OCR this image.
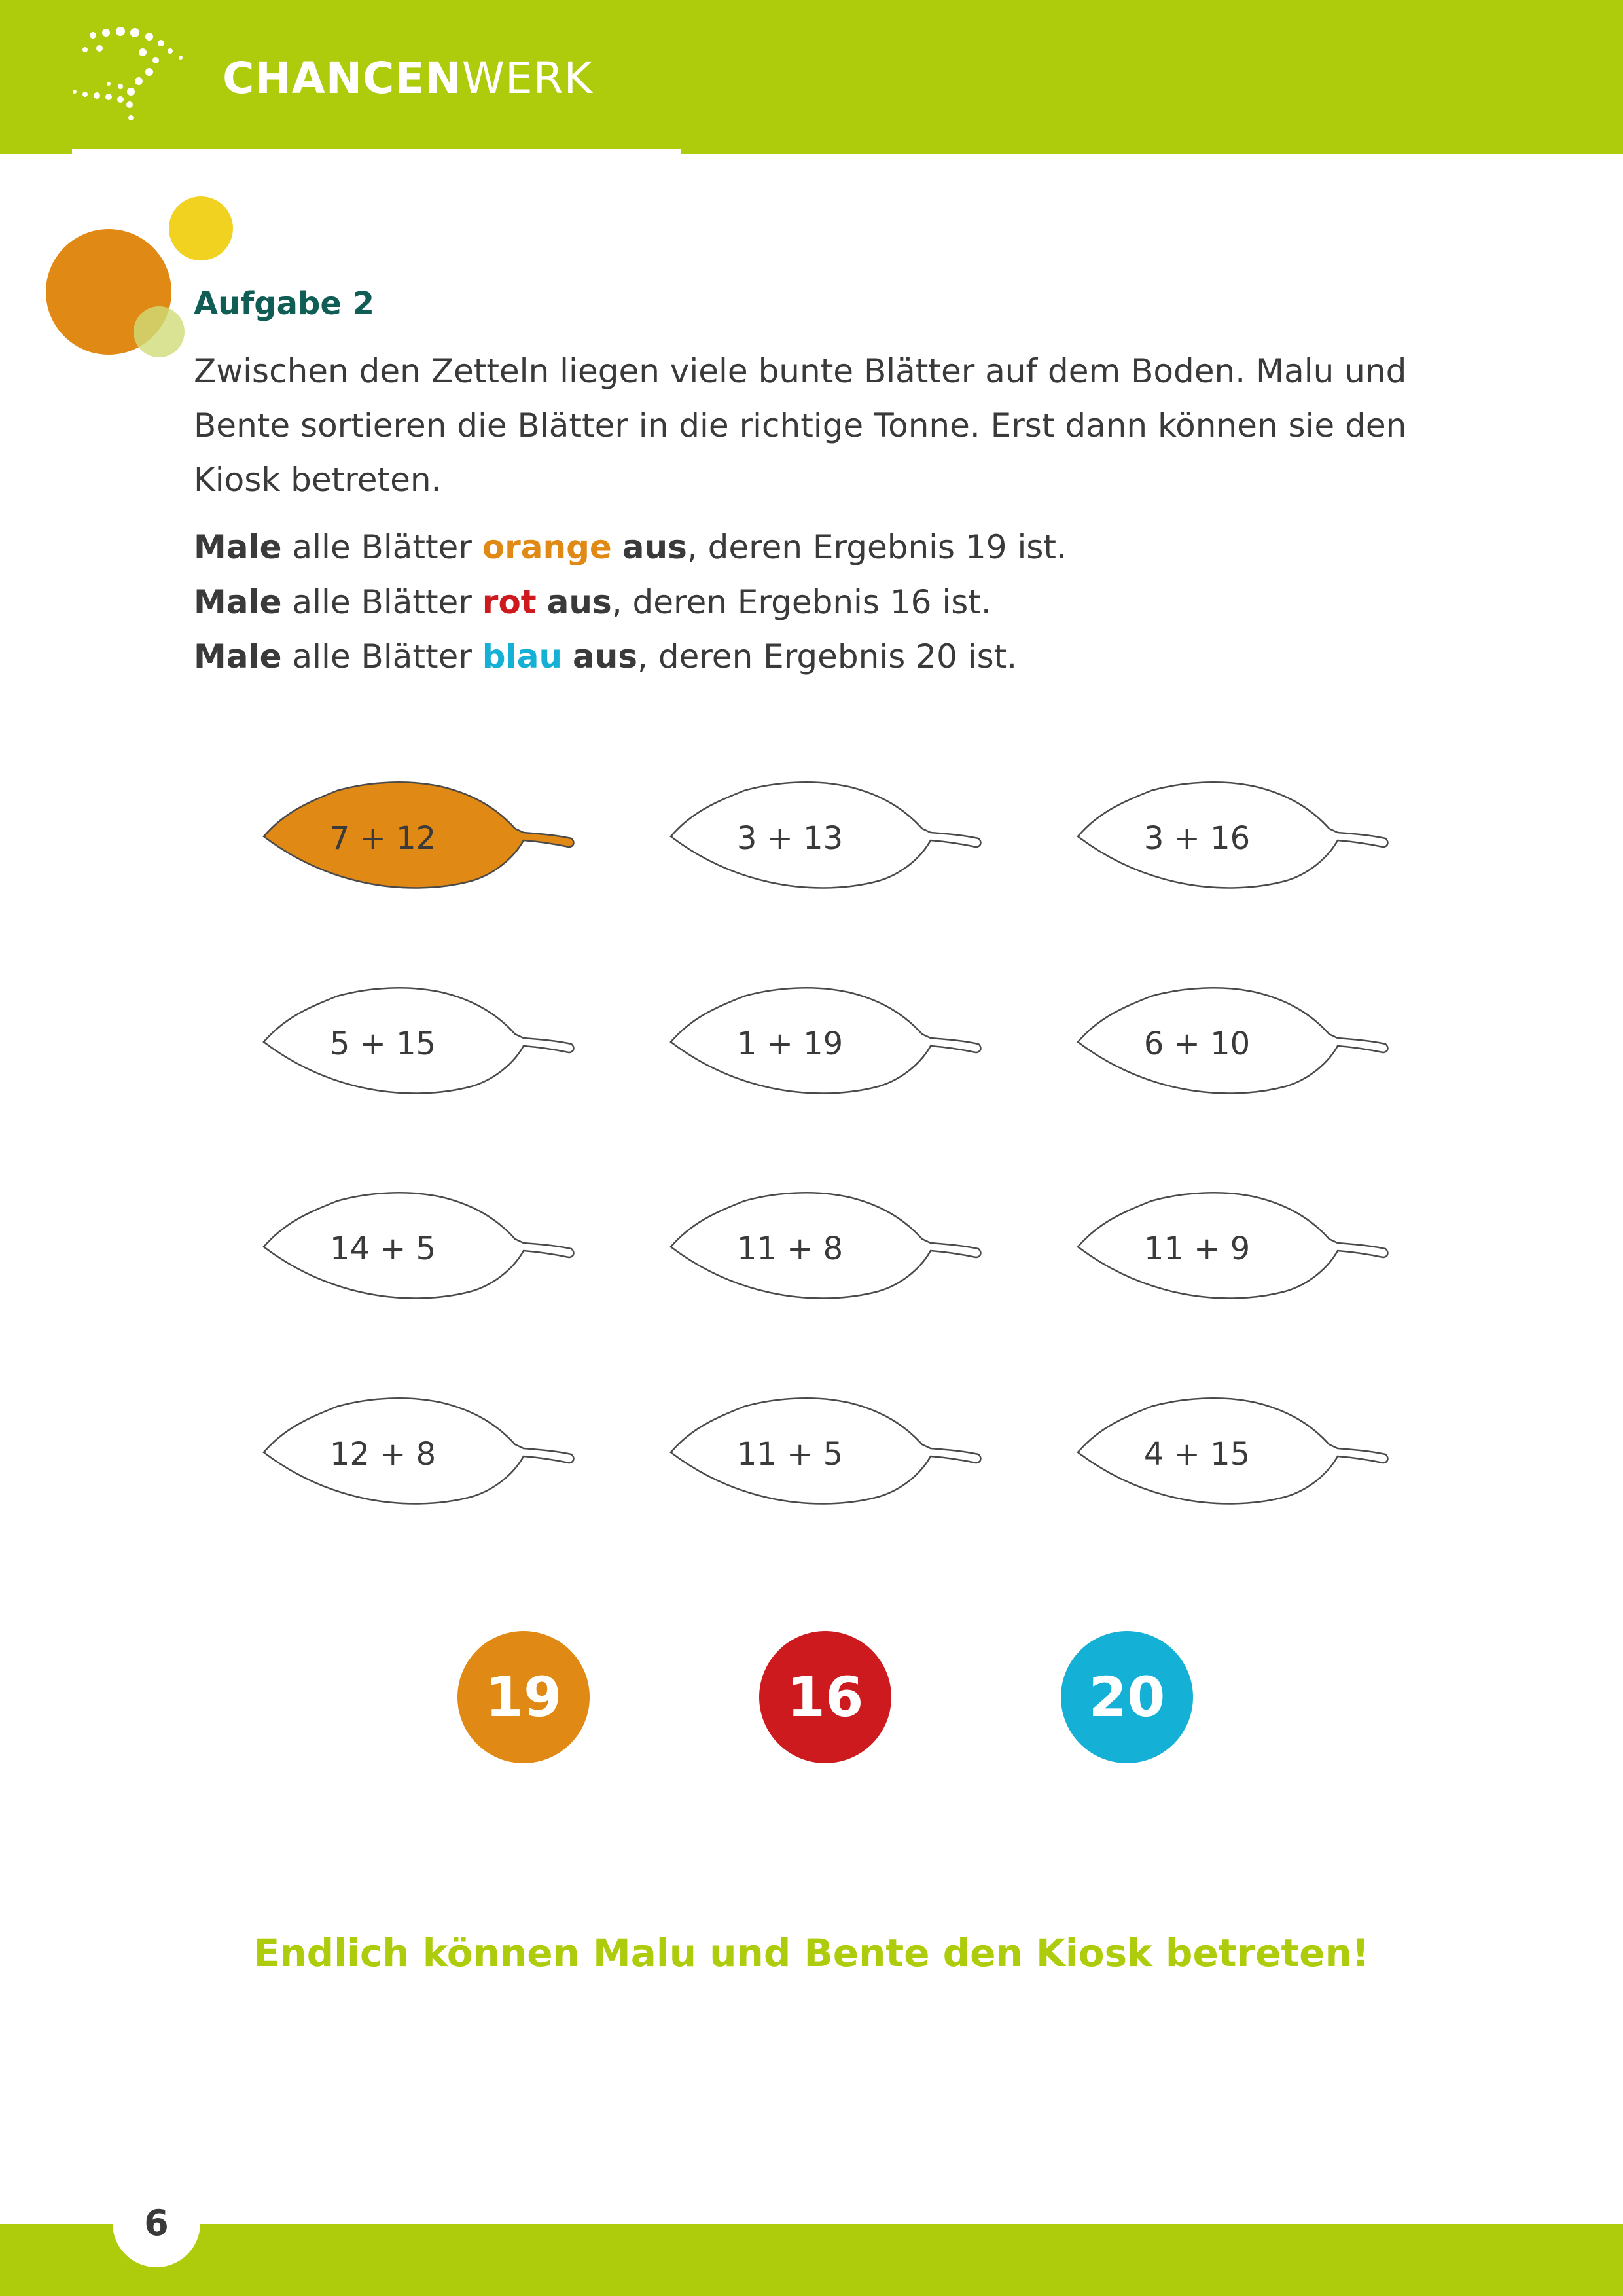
CHANCENWERK
Aufgabe 2

Zwischen den Zetteln liegen viele bunte Blätter auf dem Boden. Malu und Bente sortieren die Blätter in die richtige Tonne. Erst dann können sie den Kiosk betreten.

Male alle Blätter orange aus, deren Ergebnis 19 ist.
Male alle Blätter rot aus, deren Ergebnis 16 ist.
Male alle Blätter blau aus, deren Ergebnis 20 ist.
7 + 12	3 + 13	3 + 16
5 + 15	1 + 19	6 + 10
14 + 5	11 + 8	11 + 9
12 + 8	11 + 5	4 + 15
19	16	20
Endlich können Malu und Bente den Kiosk betreten!
6
